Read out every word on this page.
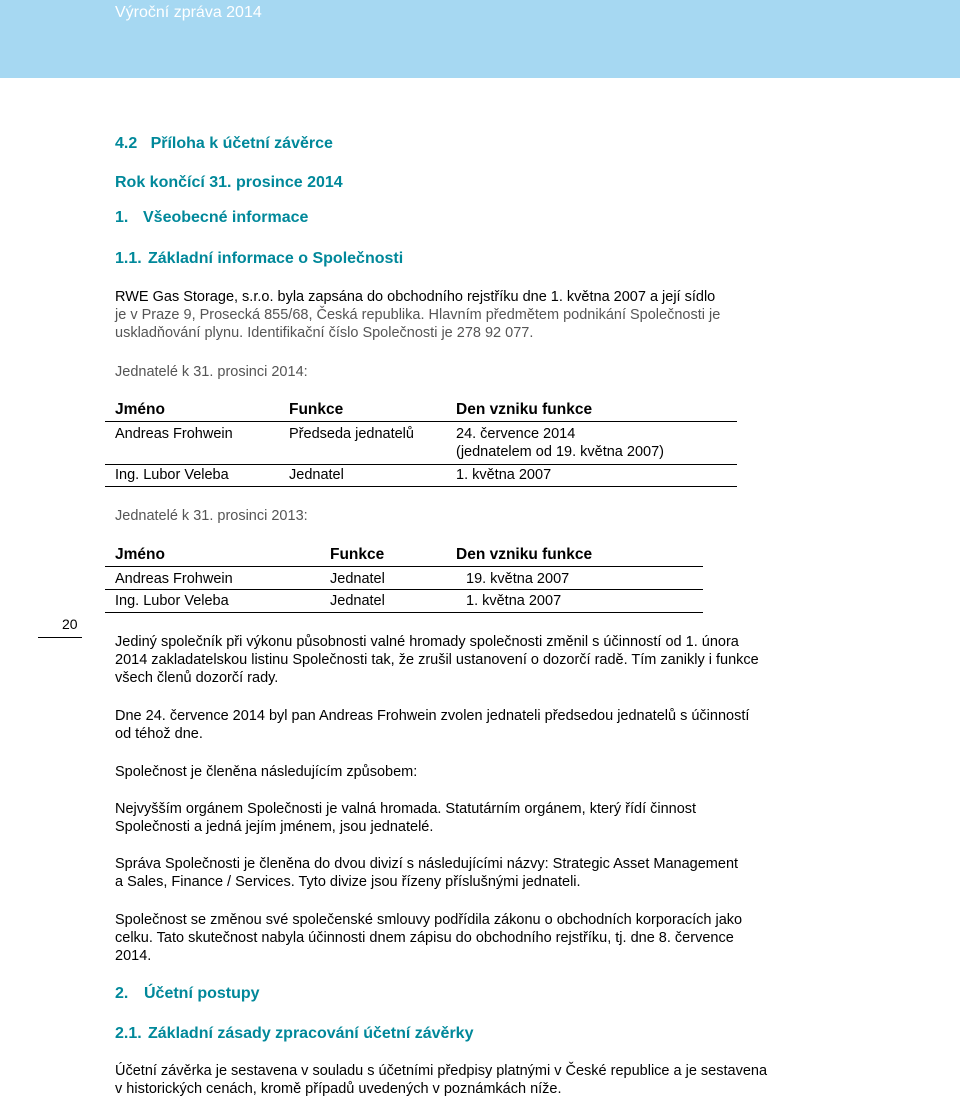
Výroční zpráva 2014
4.2   Příloha k účetní závěrce
Rok končící 31. prosince 2014
1. Všeobecné informace
1.1. Základní informace o Společnosti
RWE Gas Storage, s.r.o. byla zapsána do obchodního rejstříku dne 1. května 2007 a její sídlo
je v Praze 9, Prosecká 855/68, Česká republika. Hlavním předmětem podnikání Společnosti je
uskladňování plynu. Identifikační číslo Společnosti je 278 92 077.
Jednatelé k 31. prosinci 2014:
Jméno	Funkce	Den vzniku funkce
Andreas Frohwein	Předseda jednatelů	24. července 2014
(jednatelem od 19. května 2007)
Ing. Lubor Veleba	Jednatel	1. května 2007
Jednatelé k 31. prosinci 2013:
Jméno	Funkce	Den vzniku funkce
Andreas Frohwein	Jednatel	19. května 2007
Ing. Lubor Veleba	Jednatel	1. května 2007
20
Jediný společník při výkonu působnosti valné hromady společnosti změnil s účinností od 1. února
2014 zakladatelskou listinu Společnosti tak, že zrušil ustanovení o dozorčí radě. Tím zanikly i funkce
všech členů dozorčí rady.
Dne 24. července 2014 byl pan Andreas Frohwein zvolen jednateli předsedou jednatelů s účinností
od téhož dne.
Společnost je členěna následujícím způsobem:
Nejvyšším orgánem Společnosti je valná hromada. Statutárním orgánem, který řídí činnost
Společnosti a jedná jejím jménem, jsou jednatelé.
Správa Společnosti je členěna do dvou divizí s následujícími názvy: Strategic Asset Management
a Sales, Finance / Services. Tyto divize jsou řízeny příslušnými jednateli.
Společnost se změnou své společenské smlouvy podřídila zákonu o obchodních korporacích jako
celku. Tato skutečnost nabyla účinnosti dnem zápisu do obchodního rejstříku, tj. dne 8. července
2014.
2. Účetní postupy
2.1. Základní zásady zpracování účetní závěrky
Účetní závěrka je sestavena v souladu s účetními předpisy platnými v České republice a je sestavena
v historických cenách, kromě případů uvedených v poznámkách níže.
